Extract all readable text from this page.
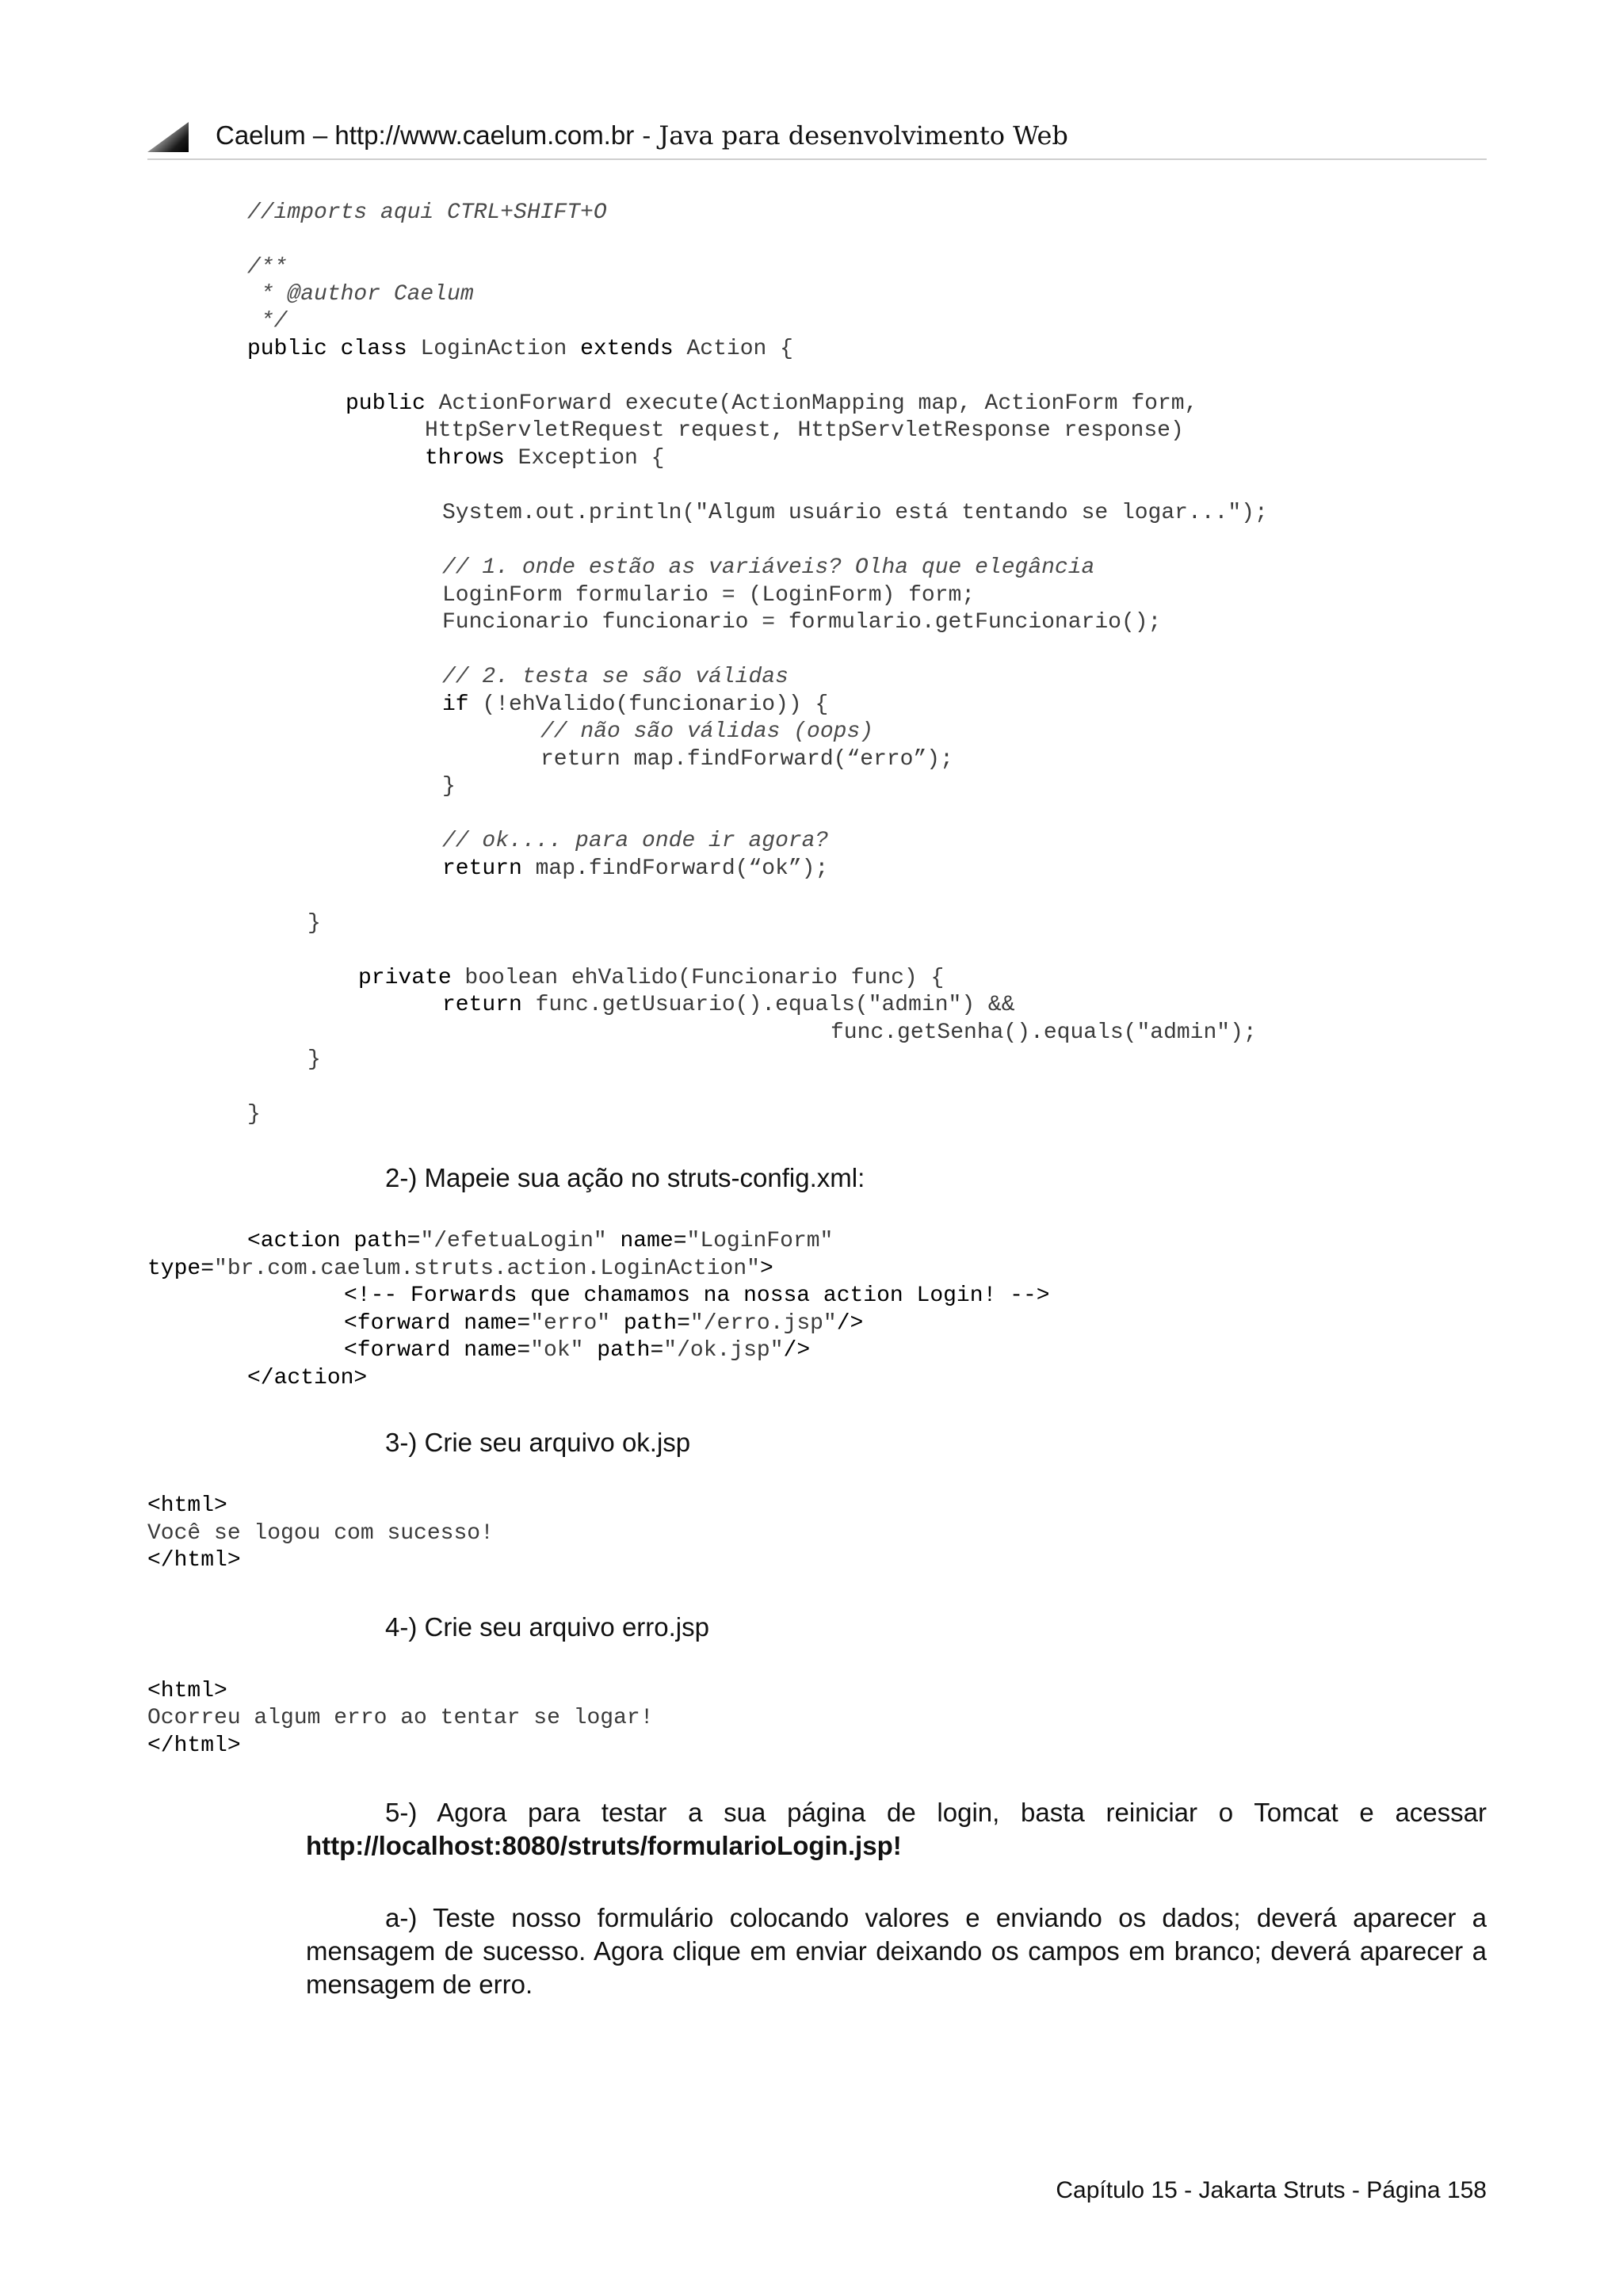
Caelum – http://www.caelum.com.br - Java para desenvolvimento Web

//imports aqui CTRL+SHIFT+O

/**

* @author Caelum

*/

public class LoginAction extends Action {

public ActionForward execute(ActionMapping map, ActionForm form,

HttpServletRequest request, HttpServletResponse response)

throws Exception {

System.out.println("Algum usuário está tentando se logar...");

// 1. onde estão as variáveis? Olha que elegância

LoginForm formulario = (LoginForm) form;

Funcionario funcionario = formulario.getFuncionario();

// 2. testa se são válidas

if (!ehValido(funcionario)) {

// não são válidas (oops)

return map.findForward(“erro”);

}

// ok.... para onde ir agora?

return map.findForward(“ok”);

}

private boolean ehValido(Funcionario func) {

return func.getUsuario().equals("admin") &&

func.getSenha().equals("admin");

}

}

2-) Mapeie sua ação no struts-config.xml:

<action path="/efetuaLogin" name="LoginForm"

type="br.com.caelum.struts.action.LoginAction">

<!-- Forwards que chamamos na nossa action Login! -->

<forward name="erro" path="/erro.jsp"/>

<forward name="ok" path="/ok.jsp"/>

</action>

3-) Crie seu arquivo ok.jsp

<html>

Você se logou com sucesso!

</html>

4-) Crie seu arquivo erro.jsp

<html>

Ocorreu algum erro ao tentar se logar!

</html>

5-) Agora para testar a sua página de login, basta reiniciar o Tomcat e acessar http://localhost:8080/struts/formularioLogin.jsp!
a-) Teste nosso formulário colocando valores e enviando os dados; deverá aparecer a mensagem de sucesso. Agora clique em enviar deixando os campos em branco; deverá aparecer a mensagem de erro.
Capítulo 15 - Jakarta Struts - Página 158
